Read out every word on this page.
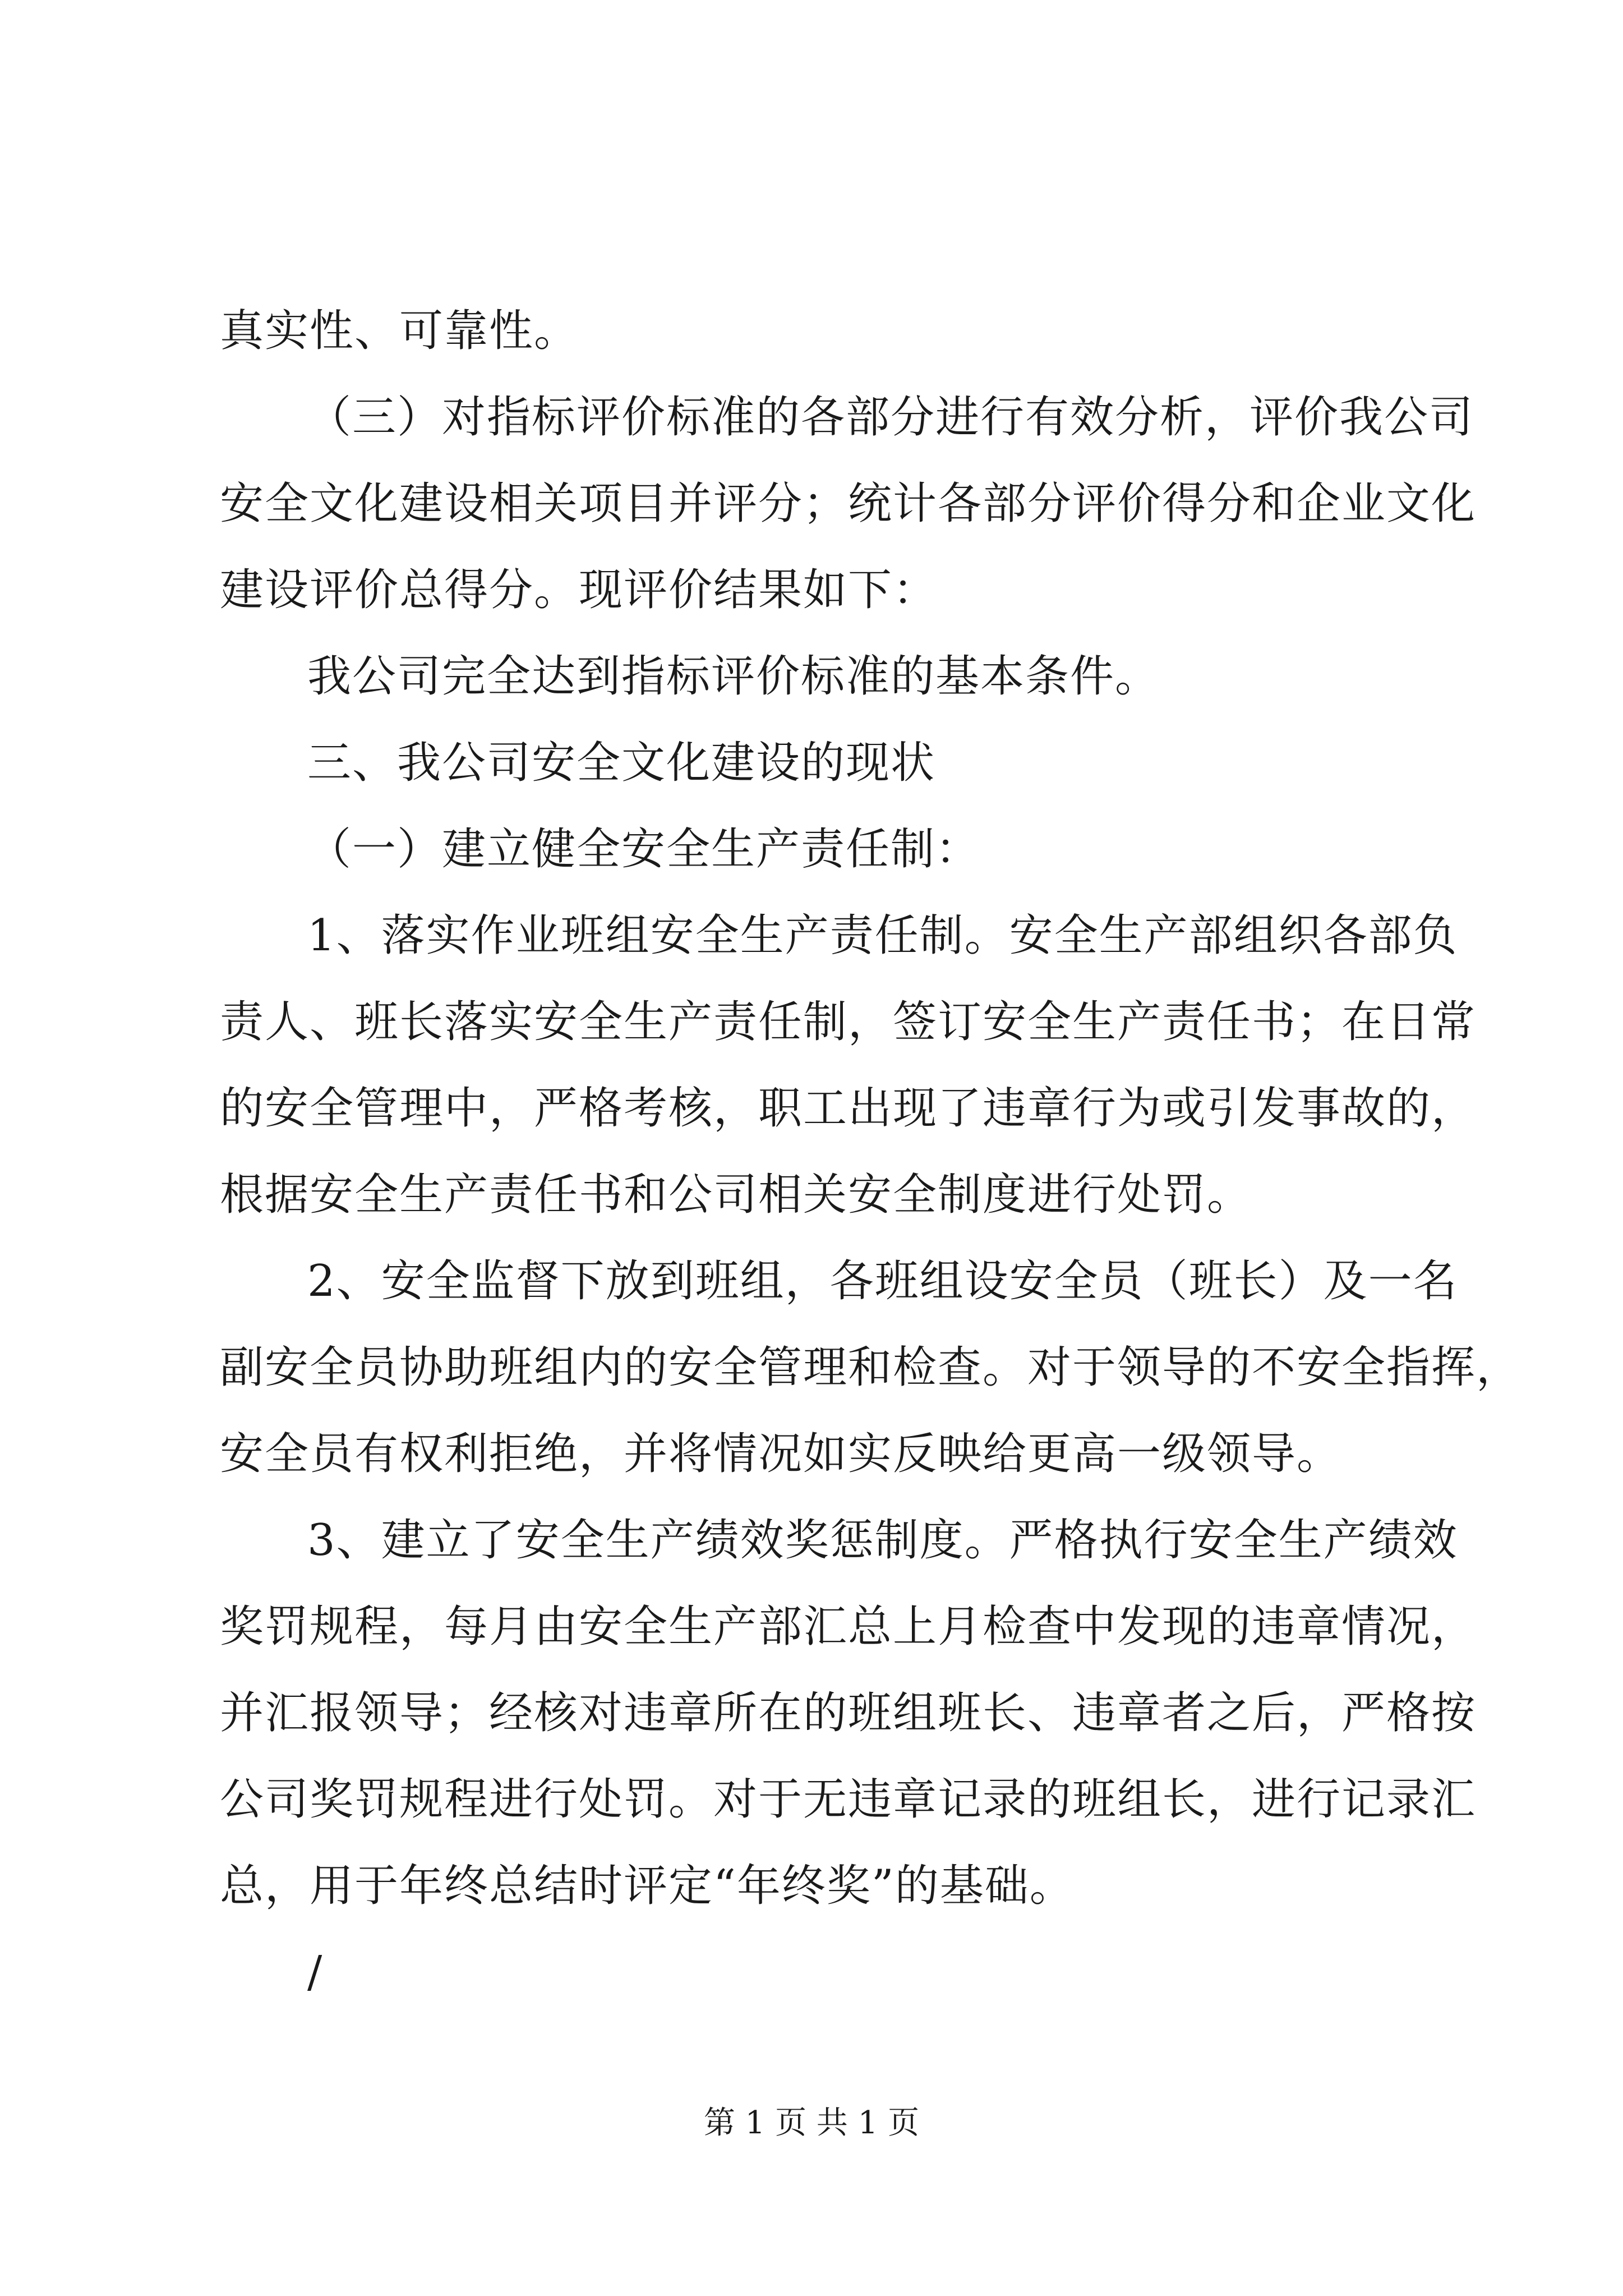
真实性、可靠性。
（三）对指标评价标准的各部分进行有效分析，评价我公司
安全文化建设相关项目并评分；统计各部分评价得分和企业文化
建设评价总得分。现评价结果如下：
我公司完全达到指标评价标准的基本条件。
三、我公司安全文化建设的现状
（一）建立健全安全生产责任制：
1、落实作业班组安全生产责任制。安全生产部组织各部负
责人、班长落实安全生产责任制，签订安全生产责任书；在日常
的安全管理中，严格考核，职工出现了违章行为或引发事故的，
根据安全生产责任书和公司相关安全制度进行处罚。
2、安全监督下放到班组，各班组设安全员（班长）及一名
副安全员协助班组内的安全管理和检查。对于领导的不安全指挥，
安全员有权利拒绝，并将情况如实反映给更高一级领导。
3、建立了安全生产绩效奖惩制度。严格执行安全生产绩效
奖罚规程，每月由安全生产部汇总上月检查中发现的违章情况，
并汇报领导；经核对违章所在的班组班长、违章者之后，严格按
公司奖罚规程进行处罚。对于无违章记录的班组长，进行记录汇
总，用于年终总结时评定“年终奖”的基础。
/
第 1 页 共 1 页
